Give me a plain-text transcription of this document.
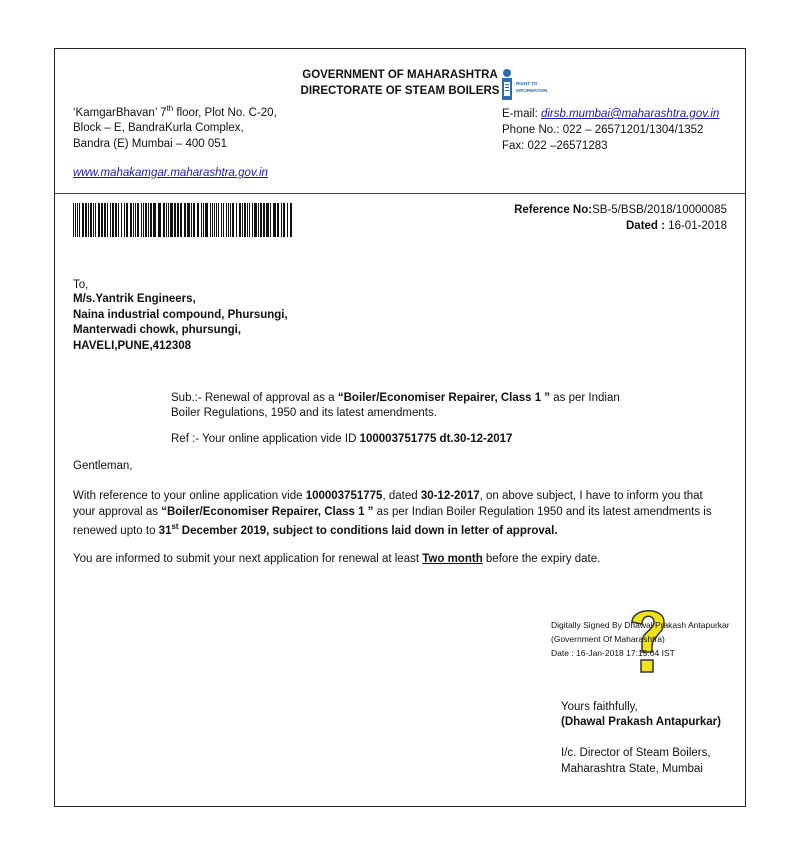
GOVERNMENT OF MAHARASHTRA
DIRECTORATE OF STEAM BOILERS
RIGHT TO
INFORMATION
‘KamgarBhavan’ 7th floor, Plot No. C-20,
Block – E, BandraKurla Complex,
Bandra (E) Mumbai – 400 051
www.mahakamgar.maharashtra.gov.in
E-mail: dirsb.mumbai@maharashtra.gov.in
Phone No.: 022 – 26571201/1304/1352
Fax: 022 –26571283
Reference No:SB-5/BSB/2018/10000085
Dated : 16-01-2018
To,
M/s.Yantrik Engineers,
Naina industrial compound, Phursungi,
Manterwadi chowk, phursungi,
HAVELI,PUNE,412308
Sub.:- Renewal of approval as a “Boiler/Economiser Repairer, Class 1 ” as per Indian
Boiler Regulations, 1950 and its latest amendments.
Ref :- Your online application vide ID 100003751775 dt.30-12-2017
Gentleman,
With reference to your online application vide 100003751775, dated 30-12-2017, on above subject, I have to inform you that
your approval as “Boiler/Economiser Repairer, Class 1 ” as per Indian Boiler Regulation 1950 and its latest amendments is
renewed upto to 31st December 2019, subject to conditions laid down in letter of approval.
You are informed to submit your next application for renewal at least Two month before the expiry date.
Digitally Signed By Dhawal Prakash Antapurkar
(Government Of Maharashtra)
Date : 16-Jan-2018 17:15:04 IST
Yours faithfully,
(Dhawal Prakash Antapurkar)
I/c. Director of Steam Boilers,
Maharashtra State, Mumbai
